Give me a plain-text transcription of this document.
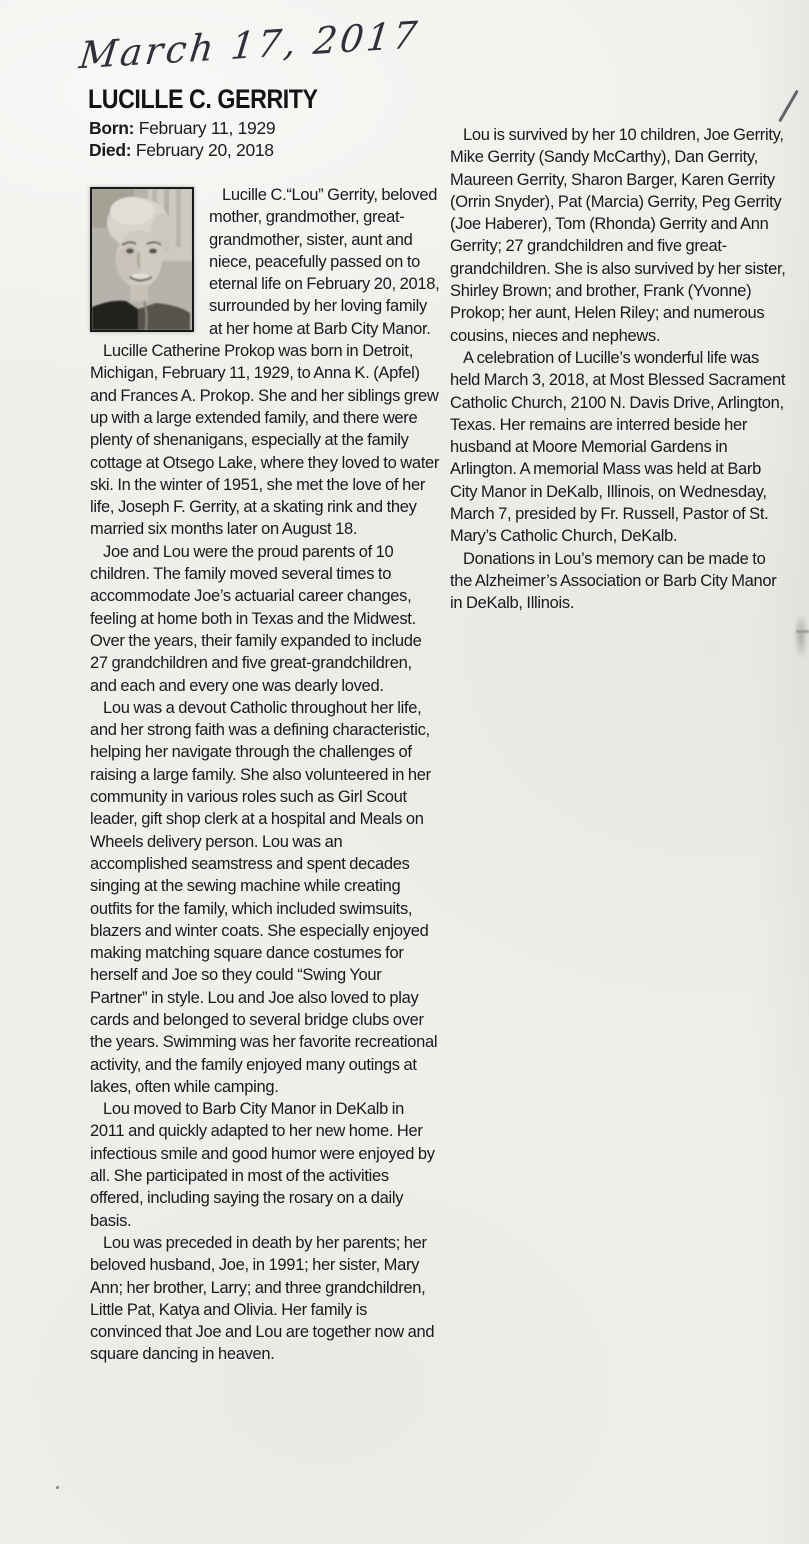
March 17, 2017
LUCILLE C. GERRITY
Born: February 11, 1929
Died: February 20, 2018

Lucille C.“Lou” Gerrity, beloved mother, grandmother, great-grandmother, sister, aunt and niece, peacefully passed on to eternal life on February 20, 2018, surrounded by her loving family at her home at Barb City Manor.

Lucille Catherine Prokop was born in Detroit, Michigan, February 11, 1929, to Anna K. (Apfel) and Frances A. Prokop. She and her siblings grew up with a large extended family, and there were plenty of shenanigans, especially at the family cottage at Otsego Lake, where they loved to water ski. In the winter of 1951, she met the love of her life, Joseph F. Gerrity, at a skating rink and they married six months later on August 18.

Joe and Lou were the proud parents of 10 children. The family moved several times to accommodate Joe’s actuarial career changes, feeling at home both in Texas and the Midwest. Over the years, their family expanded to include 27 grandchildren and five great-grandchildren, and each and every one was dearly loved.

Lou was a devout Catholic throughout her life, and her strong faith was a defining characteristic, helping her navigate through the challenges of raising a large family. She also volunteered in her community in various roles such as Girl Scout leader, gift shop clerk at a hospital and Meals on Wheels delivery person. Lou was an accomplished seamstress and spent decades singing at the sewing machine while creating outfits for the family, which included swimsuits, blazers and winter coats. She especially enjoyed making matching square dance costumes for herself and Joe so they could “Swing Your Partner” in style. Lou and Joe also loved to play cards and belonged to several bridge clubs over the years. Swimming was her favorite recreational activity, and the family enjoyed many outings at lakes, often while camping.

Lou moved to Barb City Manor in DeKalb in 2011 and quickly adapted to her new home. Her infectious smile and good humor were enjoyed by all. She participated in most of the activities offered, including saying the rosary on a daily basis.

Lou was preceded in death by her parents; her beloved husband, Joe, in 1991; her sister, Mary Ann; her brother, Larry; and three grandchildren, Little Pat, Katya and Olivia. Her family is convinced that Joe and Lou are together now and square dancing in heaven.

Lou is survived by her 10 children, Joe Gerrity, Mike Gerrity (Sandy McCarthy), Dan Gerrity, Maureen Gerrity, Sharon Barger, Karen Gerrity (Orrin Snyder), Pat (Marcia) Gerrity, Peg Gerrity (Joe Haberer), Tom (Rhonda) Gerrity and Ann Gerrity; 27 grandchildren and five great-grandchildren. She is also survived by her sister, Shirley Brown; and brother, Frank (Yvonne) Prokop; her aunt, Helen Riley; and numerous cousins, nieces and nephews.

A celebration of Lucille’s wonderful life was held March 3, 2018, at Most Blessed Sacrament Catholic Church, 2100 N. Davis Drive, Arlington, Texas. Her remains are interred beside her husband at Moore Memorial Gardens in Arlington. A memorial Mass was held at Barb City Manor in DeKalb, Illinois, on Wednesday, March 7, presided by Fr. Russell, Pastor of St. Mary’s Catholic Church, DeKalb.

Donations in Lou’s memory can be made to the Alzheimer’s Association or Barb City Manor in DeKalb, Illinois.
